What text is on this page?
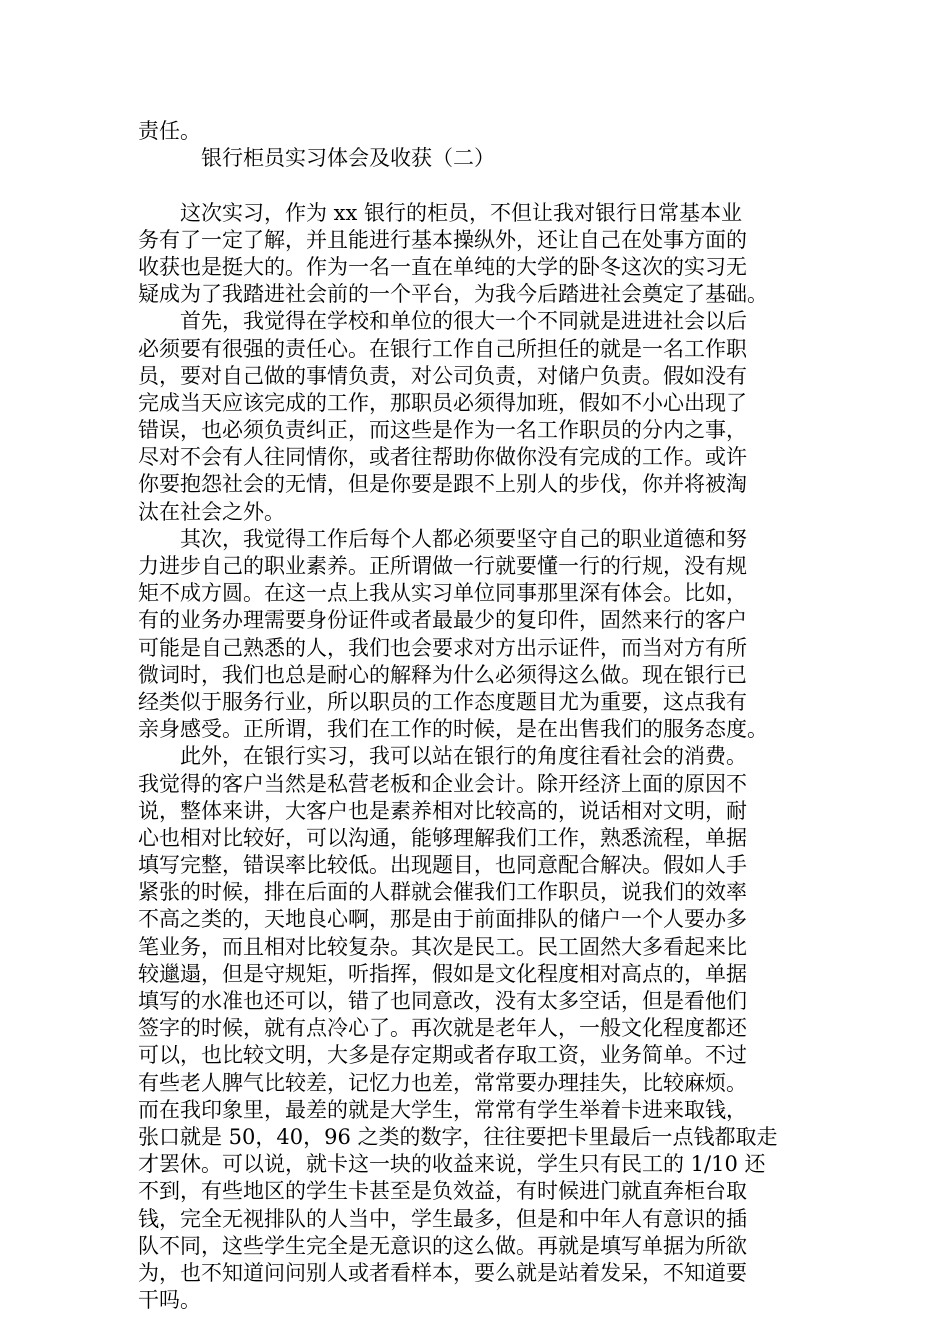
责任。
银行柜员实习体会及收获（二）
　　这次实习，作为 xx 银行的柜员，不但让我对银行日常基本业
务有了一定了解，并且能进行基本操纵外，还让自己在处事方面的
收获也是挺大的。作为一名一直在单纯的大学的卧冬这次的实习无
疑成为了我踏进社会前的一个平台，为我今后踏进社会奠定了基础。
　　首先，我觉得在学校和单位的很大一个不同就是进进社会以后
必须要有很强的责任心。在银行工作自己所担任的就是一名工作职
员，要对自己做的事情负责，对公司负责，对储户负责。假如没有
完成当天应该完成的工作，那职员必须得加班，假如不小心出现了
错误，也必须负责纠正，而这些是作为一名工作职员的分内之事，
尽对不会有人往同情你，或者往帮助你做你没有完成的工作。或许
你要抱怨社会的无情，但是你要是跟不上别人的步伐，你并将被淘
汰在社会之外。
　　其次，我觉得工作后每个人都必须要坚守自己的职业道德和努
力进步自己的职业素养。正所谓做一行就要懂一行的行规，没有规
矩不成方圆。在这一点上我从实习单位同事那里深有体会。比如，
有的业务办理需要身份证件或者最最少的复印件，固然来行的客户
可能是自己熟悉的人，我们也会要求对方出示证件，而当对方有所
微词时，我们也总是耐心的解释为什么必须得这么做。现在银行已
经类似于服务行业，所以职员的工作态度题目尤为重要，这点我有
亲身感受。正所谓，我们在工作的时候，是在出售我们的服务态度。
　　此外，在银行实习，我可以站在银行的角度往看社会的消费。
我觉得的客户当然是私营老板和企业会计。除开经济上面的原因不
说，整体来讲，大客户也是素养相对比较高的，说话相对文明，耐
心也相对比较好，可以沟通，能够理解我们工作，熟悉流程，单据
填写完整，错误率比较低。出现题目，也同意配合解决。假如人手
紧张的时候，排在后面的人群就会催我们工作职员，说我们的效率
不高之类的，天地良心啊，那是由于前面排队的储户一个人要办多
笔业务，而且相对比较复杂。其次是民工。民工固然大多看起来比
较邋遢，但是守规矩，听指挥，假如是文化程度相对高点的，单据
填写的水准也还可以，错了也同意改，没有太多空话，但是看他们
签字的时候，就有点冷心了。再次就是老年人，一般文化程度都还
可以，也比较文明，大多是存定期或者存取工资，业务简单。不过
有些老人脾气比较差，记忆力也差，常常要办理挂失，比较麻烦。
而在我印象里，最差的就是大学生，常常有学生举着卡进来取钱，
张口就是 50，40，96 之类的数字，往往要把卡里最后一点钱都取走
才罢休。可以说，就卡这一块的收益来说，学生只有民工的 1/10 还
不到，有些地区的学生卡甚至是负效益，有时候进门就直奔柜台取
钱，完全无视排队的人当中，学生最多，但是和中年人有意识的插
队不同，这些学生完全是无意识的这么做。再就是填写单据为所欲
为，也不知道问问别人或者看样本，要么就是站着发呆，不知道要
干吗。
